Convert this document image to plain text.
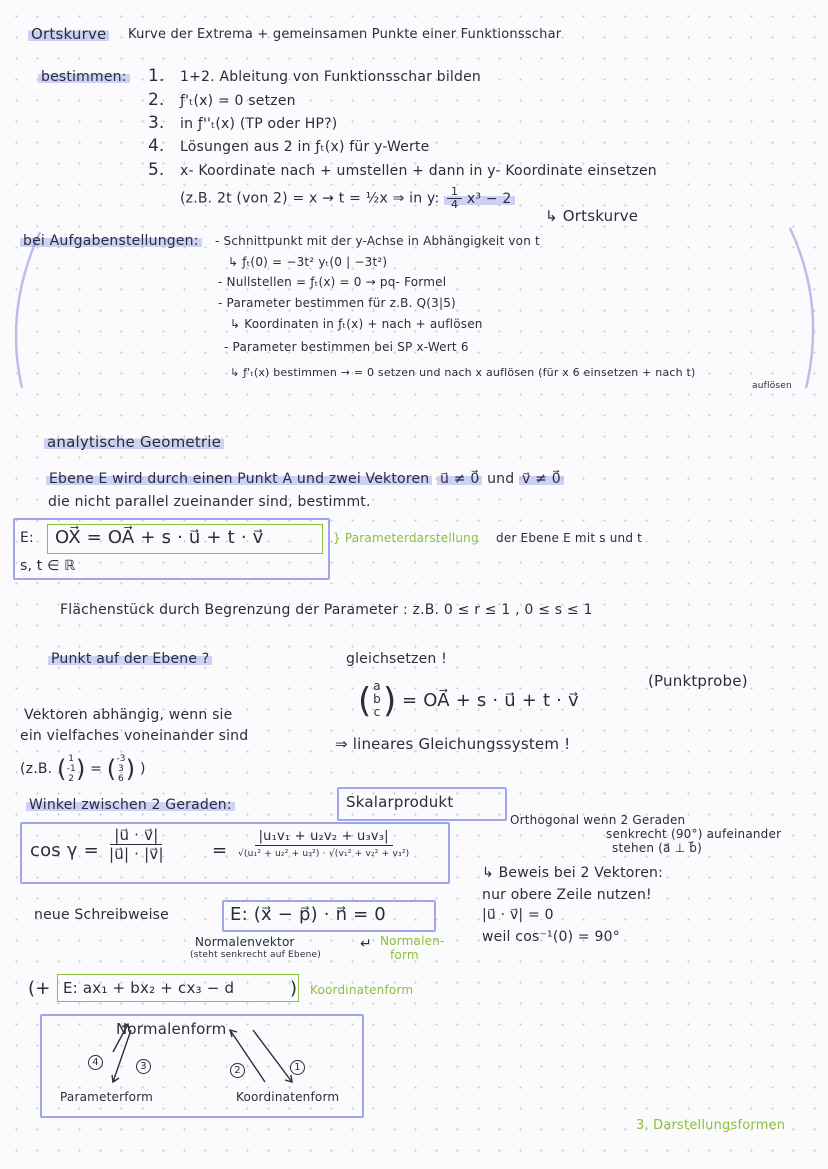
Ortskurve Kurve der Extrema + gemeinsamen Punkte einer Funktionsschar
bestimmen: 1. 1+2. Ableitung von Funktionsschar bilden
2. ƒ'ₜ(x) = 0 setzen
3. in ƒ''ₜ(x) (TP oder HP?)
4. Lösungen aus 2 in ƒₜ(x) für y-Werte
5. x- Koordinate nach + umstellen + dann in y- Koordinate einsetzen
(z.B. 2t (von 2) = x → t = ½x ⇒ in y: $\frac{1}{4} x^3 - 2$
↳ Ortskurve
bei Aufgabenstellungen: - Schnittpunkt mit der y-Achse in Abhängigkeit von t
↳ ƒₜ(0) = −3t² yₜ(0 | −3t²)
- Nullstellen = ƒₜ(x) = 0 → pq- Formel
- Parameter bestimmen für z.B. Q(3|5)
↳ Koordinaten in ƒₜ(x) + nach + auflösen
- Parameter bestimmen bei SP x-Wert 6
↳ ƒ'ₜ(x) bestimmen → = 0 setzen und nach x auflösen (für x 6 einsetzen + nach t)
auflösen
analytische Geometrie
Ebene E wird durch einen Punkt A und zwei Vektoren u⃗ ≠ 0⃗ und v⃗ ≠ 0⃗
die nicht parallel zueinander sind, bestimmt.
E: OX⃗ = OA⃗ + s · u⃗ + t · v⃗
s, t ∈ ℝ
} Parameterdarstellung der Ebene E mit s und t
Flächenstück durch Begrenzung der Parameter : z.B. 0 ≤ r ≤ 1 , 0 ≤ s ≤ 1
Punkt auf der Ebene ?	gleichsetzen !
(Punktprobe)
( a
b
c ) = OA⃗ + s · u⃗ + t · v⃗
Vektoren abhängig, wenn sie
ein vielfaches voneinander sind
(z.B. ( 1
-1
2 ) = ( -3
3
6 ) )
⇒ lineares Gleichungssystem !
Winkel zwischen 2 Geraden:	Skalarprodukt
$\cos \gamma = \frac{|u⃗ \cdot v⃗|}{|u⃗| \cdot |v⃗|} = \frac{\text{|u₁v₁ + u₂v₂ + u₃v₃|}}{\text{√(u₁² + u₂² + u₃²) · √(v₁² + v₂² + v₃²)}}$
Orthogonal wenn 2 Geraden
senkrecht (90°) aufeinander
stehen (a⃗ ⊥ b⃗)
↳ Beweis bei 2 Vektoren:
nur obere Zeile nutzen!
|u⃗ · v⃗| = 0
weil cos⁻¹(0) = 90°
neue Schreibweise	E: (x⃗ − p⃗) · n⃗ = 0
Normalenvektor
(steht senkrecht auf Ebene)
↵ Normalen-
form
(+ E: ax₁ + bx₂ + cx₃ − d	) Koordinatenform
Normalenform
Parameterform	Koordinatenform
4	3	2	1
3. Darstellungsformen
